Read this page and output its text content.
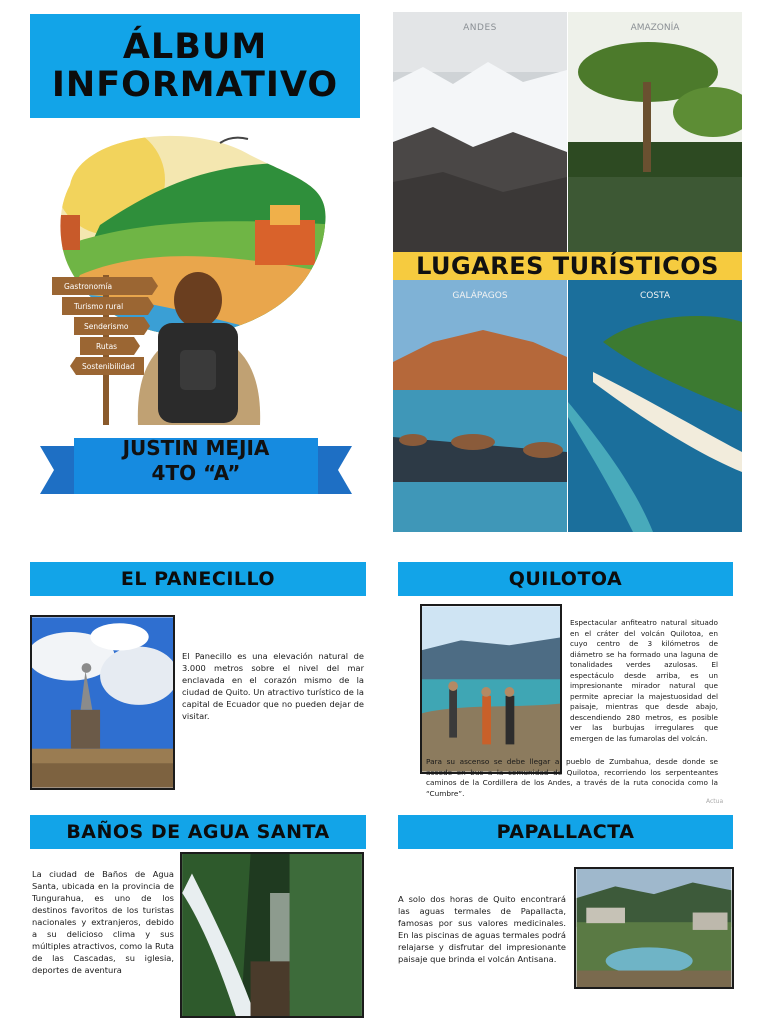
ÁLBUM
INFORMATIVO
Gastronomía
Turismo rural
Senderismo
Rutas
Sostenibilidad
JUSTIN MEJIA
4TO “A”
ANDES	AMAZONÍA
GALÁPAGOS	COSTA
LUGARES TURÍSTICOS
EL PANECILLO
El Panecillo es una elevación natural de 3.000 metros sobre el nivel del mar enclavada en el corazón mismo de la ciudad de Quito. Un atractivo turístico de la capital de Ecuador que no pueden dejar de visitar.
QUILOTOA
Espectacular anfiteatro natural situado en el cráter del volcán Quilotoa, en cuyo centro de 3 kilómetros de diámetro se ha formado una laguna de tonalidades verdes azulosas. El espectáculo desde arriba, es un impresionante mirador natural que permite apreciar la majestuosidad del paisaje, mientras que desde abajo, descendiendo 280 metros, es posible ver las burbujas irregulares que emergen de las fumarolas del volcán.
Para su ascenso se debe llegar al pueblo de Zumbahua, desde donde se accede en bus a la comunidad de Quilotoa, recorriendo los serpenteantes caminos de la Cordillera de los Andes, a través de la ruta conocida como la “Cumbre”.
Actua
BAÑOS DE AGUA SANTA
La ciudad de Baños de Agua Santa, ubicada en la provincia de Tungurahua, es uno de los destinos favoritos de los turistas nacionales y extranjeros, debido a su delicioso clima y sus múltiples atractivos, como la Ruta de las Cascadas, su iglesia, deportes de aventura
PAPALLACTA
A solo dos horas de Quito encontrará las aguas termales de Papallacta, famosas por sus valores medicinales. En las piscinas de aguas termales podrá relajarse y disfrutar del impresionante paisaje que brinda el volcán Antisana.
